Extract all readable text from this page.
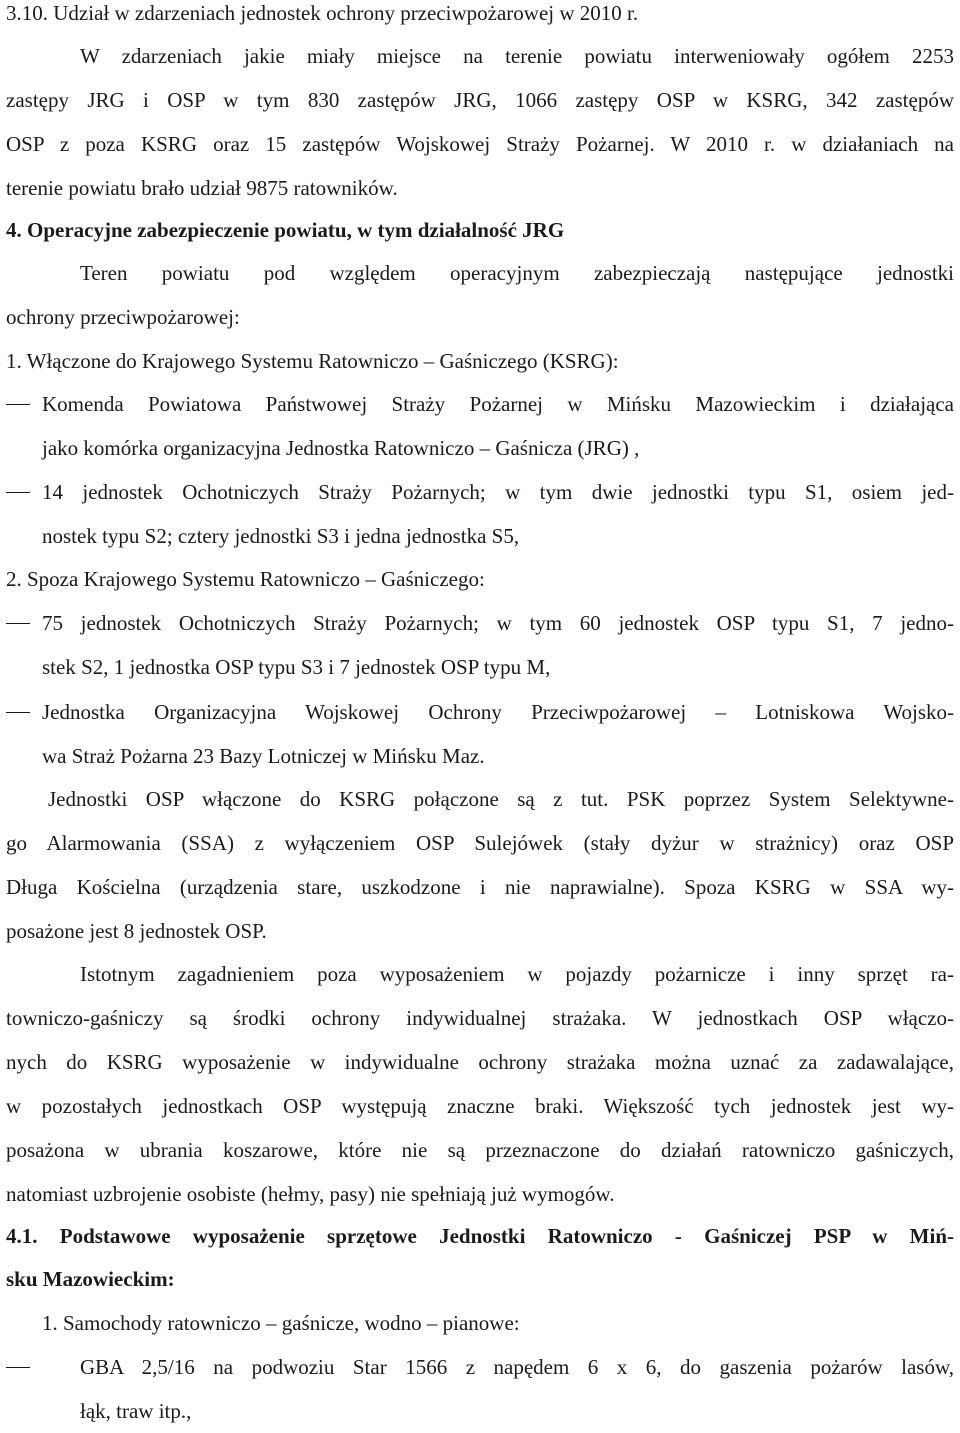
3.10. Udział w zdarzeniach jednostek ochrony przeciwpożarowej w 2010 r.
W zdarzeniach jakie miały miejsce na terenie powiatu interweniowały ogółem 2253
zastępy JRG i OSP w tym 830 zastępów JRG, 1066 zastępy OSP w KSRG, 342 zastępów
OSP z poza KSRG oraz 15 zastępów Wojskowej Straży Pożarnej. W 2010 r. w działaniach na
terenie powiatu brało udział 9875 ratowników.
4. Operacyjne zabezpieczenie powiatu, w tym działalność JRG
Teren powiatu pod względem operacyjnym zabezpieczają następujące jednostki
ochrony przeciwpożarowej:
1. Włączone do Krajowego Systemu Ratowniczo – Gaśniczego (KSRG):
Komenda Powiatowa Państwowej Straży Pożarnej w Mińsku Mazowieckim i działająca
jako komórka organizacyjna Jednostka Ratowniczo – Gaśnicza (JRG) ,
14 jednostek Ochotniczych Straży Pożarnych; w tym dwie jednostki typu S1, osiem jed-
nostek typu S2; cztery jednostki S3 i jedna jednostka S5,
2. Spoza Krajowego Systemu Ratowniczo – Gaśniczego:
75 jednostek Ochotniczych Straży Pożarnych; w tym 60 jednostek OSP typu S1, 7 jedno-
stek S2, 1 jednostka OSP typu S3 i 7 jednostek OSP typu M,
Jednostka Organizacyjna Wojskowej Ochrony Przeciwpożarowej – Lotniskowa Wojsko-
wa Straż Pożarna 23 Bazy Lotniczej w Mińsku Maz.
Jednostki OSP włączone do KSRG połączone są z tut. PSK poprzez System Selektywne-
go Alarmowania (SSA) z wyłączeniem OSP Sulejówek (stały dyżur w strażnicy) oraz OSP
Długa Kościelna (urządzenia stare, uszkodzone i nie naprawialne). Spoza KSRG w SSA wy-
posażone jest 8 jednostek OSP.
Istotnym zagadnieniem poza wyposażeniem w pojazdy pożarnicze i inny sprzęt ra-
towniczo-gaśniczy są środki ochrony indywidualnej strażaka. W jednostkach OSP włączo-
nych do KSRG wyposażenie w indywidualne ochrony strażaka można uznać za zadawalające,
w pozostałych jednostkach OSP występują znaczne braki. Większość tych jednostek jest wy-
posażona w ubrania koszarowe, które nie są przeznaczone do działań ratowniczo gaśniczych,
natomiast uzbrojenie osobiste (hełmy, pasy) nie spełniają już wymogów.
4.1. Podstawowe wyposażenie sprzętowe Jednostki Ratowniczo - Gaśniczej PSP w Miń-
sku Mazowieckim:
1. Samochody ratowniczo – gaśnicze, wodno – pianowe:
GBA 2,5/16 na podwoziu Star 1566 z napędem 6 x 6, do gaszenia pożarów lasów,
łąk, traw itp.,
